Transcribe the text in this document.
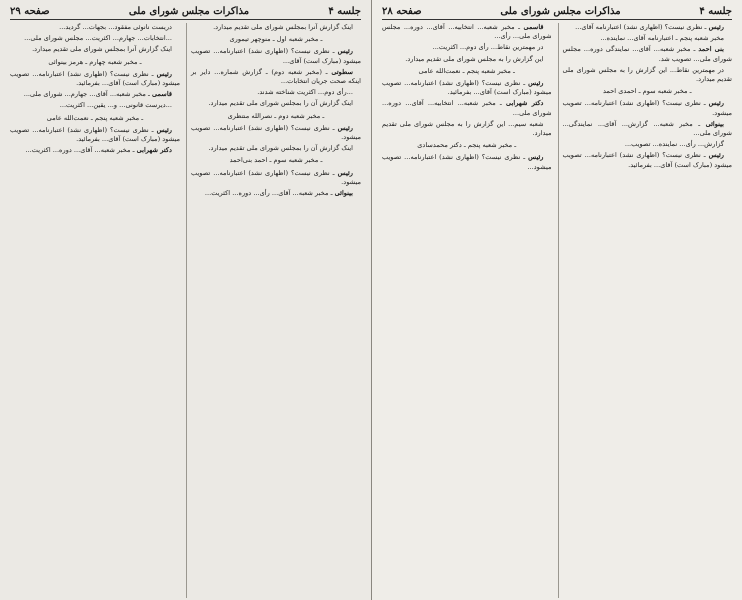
صفحه ۲۸	مذاکرات مجلس شورای ملی	جلسه ۴
رئیس ـ نظری نیست؟ (اظهاری نشد) اعتبارنامه آقای...
مخبر شعبه پنجم ـ اعتبارنامه آقای... نماینده...
بنی احمد ـ مخبر شعبه... آقای... نمایندگی دوره... مجلس شورای ملی... تصویب شد.
در مهمترین نقاط... این گزارش را به مجلس شورای ملی تقدیم میدارد.
ـ مخبر شعبه سوم ـ احمدی احمد
رئیس ـ نظری نیست؟ (اظهاری نشد) اعتبارنامه... تصویب میشود.
بینوائی ـ مخبر شعبه... گزارش... آقای... نمایندگی... شورای ملی...
گزارش... رأی... نماینده... تصویب...
رئیس ـ نظری نیست؟ (اظهاری نشد) اعتبارنامه... تصویب میشود (مبارک است) آقای... بفرمائید.
قاسمی ـ مخبر شعبه... انتخابیه... آقای... دوره... مجلس شورای ملی... رأی...
در مهمترین نقاط... رأی دوم... اکثریت...
این گزارش را به مجلس شورای ملی تقدیم میدارد.
ـ مخبر شعبه پنجم ـ نعمت‌الله عامی
رئیس ـ نظری نیست؟ (اظهاری نشد) اعتبارنامه... تصویب میشود (مبارک است) آقای... بفرمائید.
دکتر شهرابی ـ مخبر شعبه... انتخابیه... آقای... دوره... شورای ملی...
شعبه سیم... این گزارش را به مجلس شورای ملی تقدیم میدارد.
ـ مخبر شعبه پنجم ـ دکتر محمدسادی
رئیس ـ نظری نیست؟ (اظهاری نشد) اعتبارنامه... تصویب میشود...
صفحه ۲۹	مذاکرات مجلس شورای ملی	جلسه ۴
اینک گزارش آنرا بمجلس شورای ملی تقدیم میدارد.
ـ مخبر شعبه اول ـ منوچهر تیموری
رئیس ـ نظری نیست؟ (اظهاری نشد) اعتبارنامه... تصویب میشود (مبارک است) آقای...
سطوتی ـ (مخبر شعبه دوم) ـ گزارش شماره... دایر بر اینکه صحت جریان انتخابات...
...رأی دوم... اکثریت شناخته شدند.
اینک گزارش آن را بمجلس شورای ملی تقدیم میدارد.
ـ مخبر شعبه دوم ـ نصرالله منتظری
رئیس ـ نظری نیست؟ (اظهاری نشد) اعتبارنامه... تصویب میشود.
اینک گزارش آن را بمجلس شورای ملی تقدیم میدارد.
ـ مخبر شعبه سوم ـ احمد بنی‌احمد
رئیس ـ نظری نیست؟ (اظهاری نشد) اعتبارنامه... تصویب میشود.
بینوائی ـ مخبر شعبه... آقای... رأی... دوره... اکثریت...
دریست نانوئی مفقود... بجهات... گردید...
...انتخابات... جهارم... اکثریت... مجلس شورای ملی...
اینک گزارش آنرا بمجلس شورای ملی تقدیم میدارد.
ـ مخبر شعبه چهارم ـ هرمز بینوائی
رئیس ـ نظری نیست؟ (اظهاری نشد) اعتبارنامه... تصویب میشود (مبارک است) آقای... بفرمائید.
قاسمی ـ مخبر شعبه... آقای... جهارم... شورای ملی...
...دیرست قانونی... و... یقین... اکثریت...
ـ مخبر شعبه پنجم ـ نعمت‌الله عامی
رئیس ـ نظری نیست؟ (اظهاری نشد) اعتبارنامه... تصویب میشود (مبارک است) آقای... بفرمائید.
دکتر شهرابی ـ مخبر شعبه... آقای... دوره... اکثریت...
